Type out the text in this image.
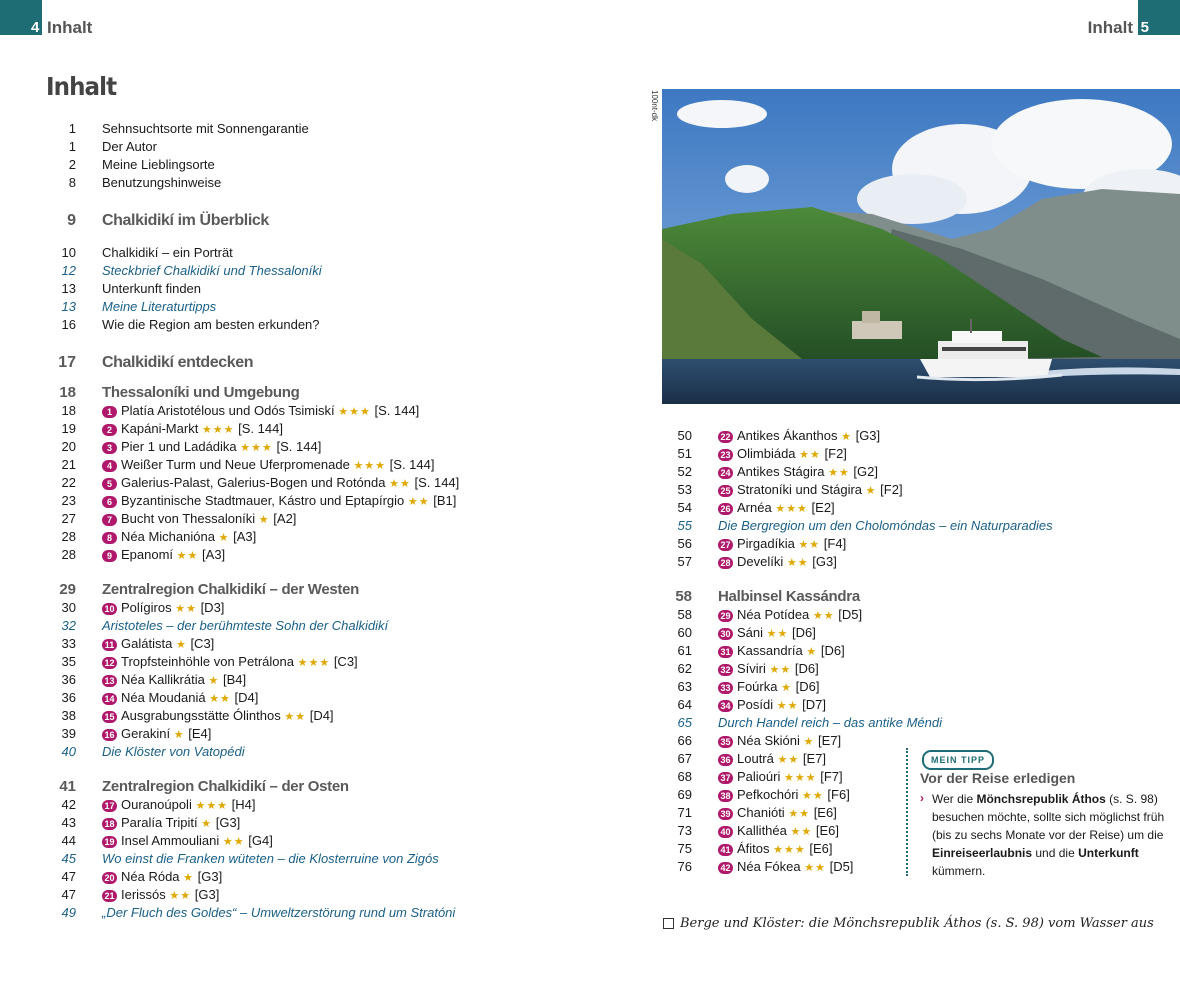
4 Inhalt	5
Inhalt
Inhalt
1 Sehnsuchtsorte mit Sonnengarantie
1 Der Autor
2 Meine Lieblingsorte
8 Benutzungshinweise
9 Chalkidikí im Überblick
10 Chalkidikí – ein Porträt
12 Steckbrief Chalkidikí und Thessaloníki
13 Unterkunft finden
13 Meine Literaturtipps
16 Wie die Region am besten erkunden?
17 Chalkidikí entdecken
18 Thessaloníki und Umgebung
18	1 Platía Aristotélous und Odós Tsimiskí ★★★ [S. 144]
19	2 Kapáni-Markt ★★★ [S. 144]
20	3 Pier 1 und Ladádika ★★★ [S. 144]
21	4 Weißer Turm und Neue Uferpromenade ★★★ [S. 144]
22	5 Galerius-Palast, Galerius-Bogen und Rotónda ★★ [S. 144]
23	6 Byzantinische Stadtmauer, Kástro und Eptapírgio ★★ [B1]
27	7 Bucht von Thessaloníki ★ [A2]
28	8 Néa Michanióna ★ [A3]
28	9 Epanomí ★★ [A3]
29 Zentralregion Chalkidikí – der Westen
30	10 Polígiros ★★ [D3]
32 Aristoteles – der berühmteste Sohn der Chalkidikí
33	11 Galátista ★ [C3]
35	12 Tropfsteinhöhle von Petrálona ★★★ [C3]
36	13 Néa Kallikrátia ★ [B4]
36	14 Néa Moudaniá ★★ [D4]
38	15 Ausgrabungsstätte Ólinthos ★★ [D4]
39	16 Gerakiní ★ [E4]
40 Die Klöster von Vatopédi
41 Zentralregion Chalkidikí – der Osten
42	17 Ouranoúpoli ★★★ [H4]
43	18 Paralía Tripití ★ [G3]
44	19 Insel Ammouliani ★★ [G4]
45 Wo einst die Franken wüteten – die Klosterruine von Zigós
47	20 Néa Róda ★ [G3]
47	21 Ierissós ★★ [G3]
49 „Der Fluch des Goldes“ – Umweltzerstörung rund um Stratóni
50	22 Antikes Ákanthos ★ [G3]
51	23 Olimbiáda ★★ [F2]
52	24 Antikes Stágira ★★ [G2]
53	25 Stratoníki und Stágira ★ [F2]
54	26 Arnéa ★★★ [E2]
55 Die Bergregion um den Cholomóndas – ein Naturparadies
56	27 Pirgadíkia ★★ [F4]
57	28 Develíki ★★ [G3]
58 Halbinsel Kassándra
58	29 Néa Potídea ★★ [D5]
60	30 Sáni ★★ [D6]
61	31 Kassandría ★ [D6]
62	32 Síviri ★★ [D6]
63	33 Foúrka ★ [D6]
64	34 Posídi ★★ [D7]
65 Durch Handel reich – das antike Méndi
66	35 Néa Skióni ★ [E7]
67	36 Loutrá ★★ [E7]
68	37 Palioúri ★★★ [F7]
69	38 Pefkochóri ★★ [F6]
71	39 Chanióti ★★ [E6]
73	40 Kallithéa ★★ [E6]
75	41 Áfitos ★★★ [E6]
76	42 Néa Fókea ★★ [D5]
100nt-dk
Berge und Klöster: die Mönchsrepublik Áthos (s. S. 98) vom Wasser aus
MEIN TIPP
Vor der Reise erledigen
› Wer die Mönchsrepublik Áthos (s. S. 98) besuchen möchte, sollte sich möglichst früh (bis zu sechs Monate vor der Reise) um die Einreiseerlaubnis und die Unterkunft kümmern.
